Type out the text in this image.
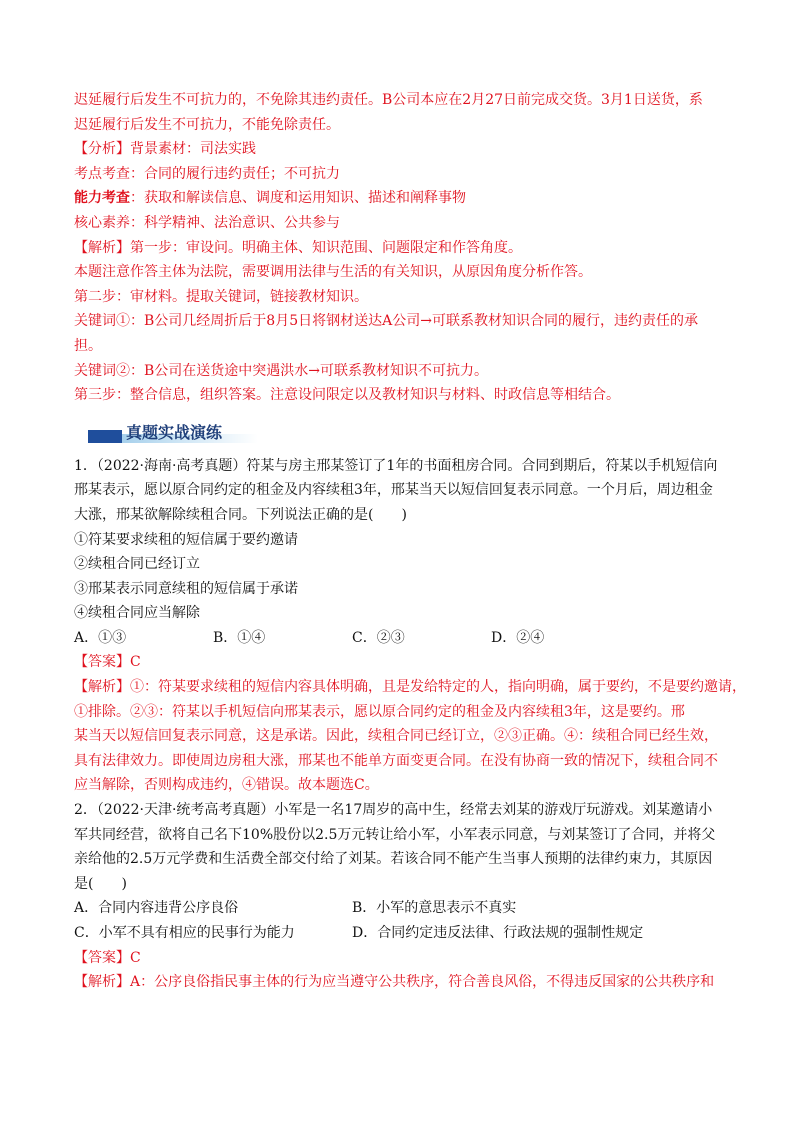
迟延履行后发生不可抗力的，不免除其违约责任。B公司本应在2月27日前完成交货。3月1日送货，系
迟延履行后发生不可抗力，不能免除责任。
【分析】背景素材：司法实践
考点考查：合同的履行违约责任；不可抗力
能力考查：获取和解读信息、调度和运用知识、描述和阐释事物
核心素养：科学精神、法治意识、公共参与
【解析】第一步：审设问。明确主体、知识范围、问题限定和作答角度。
本题注意作答主体为法院，需要调用法律与生活的有关知识，从原因角度分析作答。
第二步：审材料。提取关键词，链接教材知识。
关键词①：B公司几经周折后于8月5日将钢材送达A公司→可联系教材知识合同的履行，违约责任的承
担。
关键词②：B公司在送货途中突遇洪水→可联系教材知识不可抗力。
第三步：整合信息，组织答案。注意设问限定以及教材知识与材料、时政信息等相结合。
真题实战演练
1．（2022·海南·高考真题）符某与房主邢某签订了1年的书面租房合同。合同到期后，符某以手机短信向
邢某表示，愿以原合同约定的租金及内容续租3年，邢某当天以短信回复表示同意。一个月后，周边租金
大涨，邢某欲解除续租合同。下列说法正确的是(　　)
①符某要求续租的短信属于要约邀请
②续租合同已经订立
③邢某表示同意续租的短信属于承诺
④续租合同应当解除
A．①③	B．①④	C．②③	D．②④
【答案】C
【解析】①：符某要求续租的短信内容具体明确，且是发给特定的人，指向明确，属于要约，不是要约邀请，
①排除。②③：符某以手机短信向邢某表示，愿以原合同约定的租金及内容续租3年，这是要约。邢
某当天以短信回复表示同意，这是承诺。因此，续租合同已经订立，②③正确。④：续租合同已经生效，
具有法律效力。即使周边房租大涨，邢某也不能单方面变更合同。在没有协商一致的情况下，续租合同不
应当解除，否则构成违约，④错误。故本题选C。
2．（2022·天津·统考高考真题）小军是一名17周岁的高中生，经常去刘某的游戏厅玩游戏。刘某邀请小
军共同经营，欲将自己名下10%股份以2.5万元转让给小军，小军表示同意，与刘某签订了合同，并将父
亲给他的2.5万元学费和生活费全部交付给了刘某。若该合同不能产生当事人预期的法律约束力，其原因
是(　　)
A．合同内容违背公序良俗	B．小军的意思表示不真实
C．小军不具有相应的民事行为能力	D．合同约定违反法律、行政法规的强制性规定
【答案】C
【解析】A：公序良俗指民事主体的行为应当遵守公共秩序，符合善良风俗，不得违反国家的公共秩序和
